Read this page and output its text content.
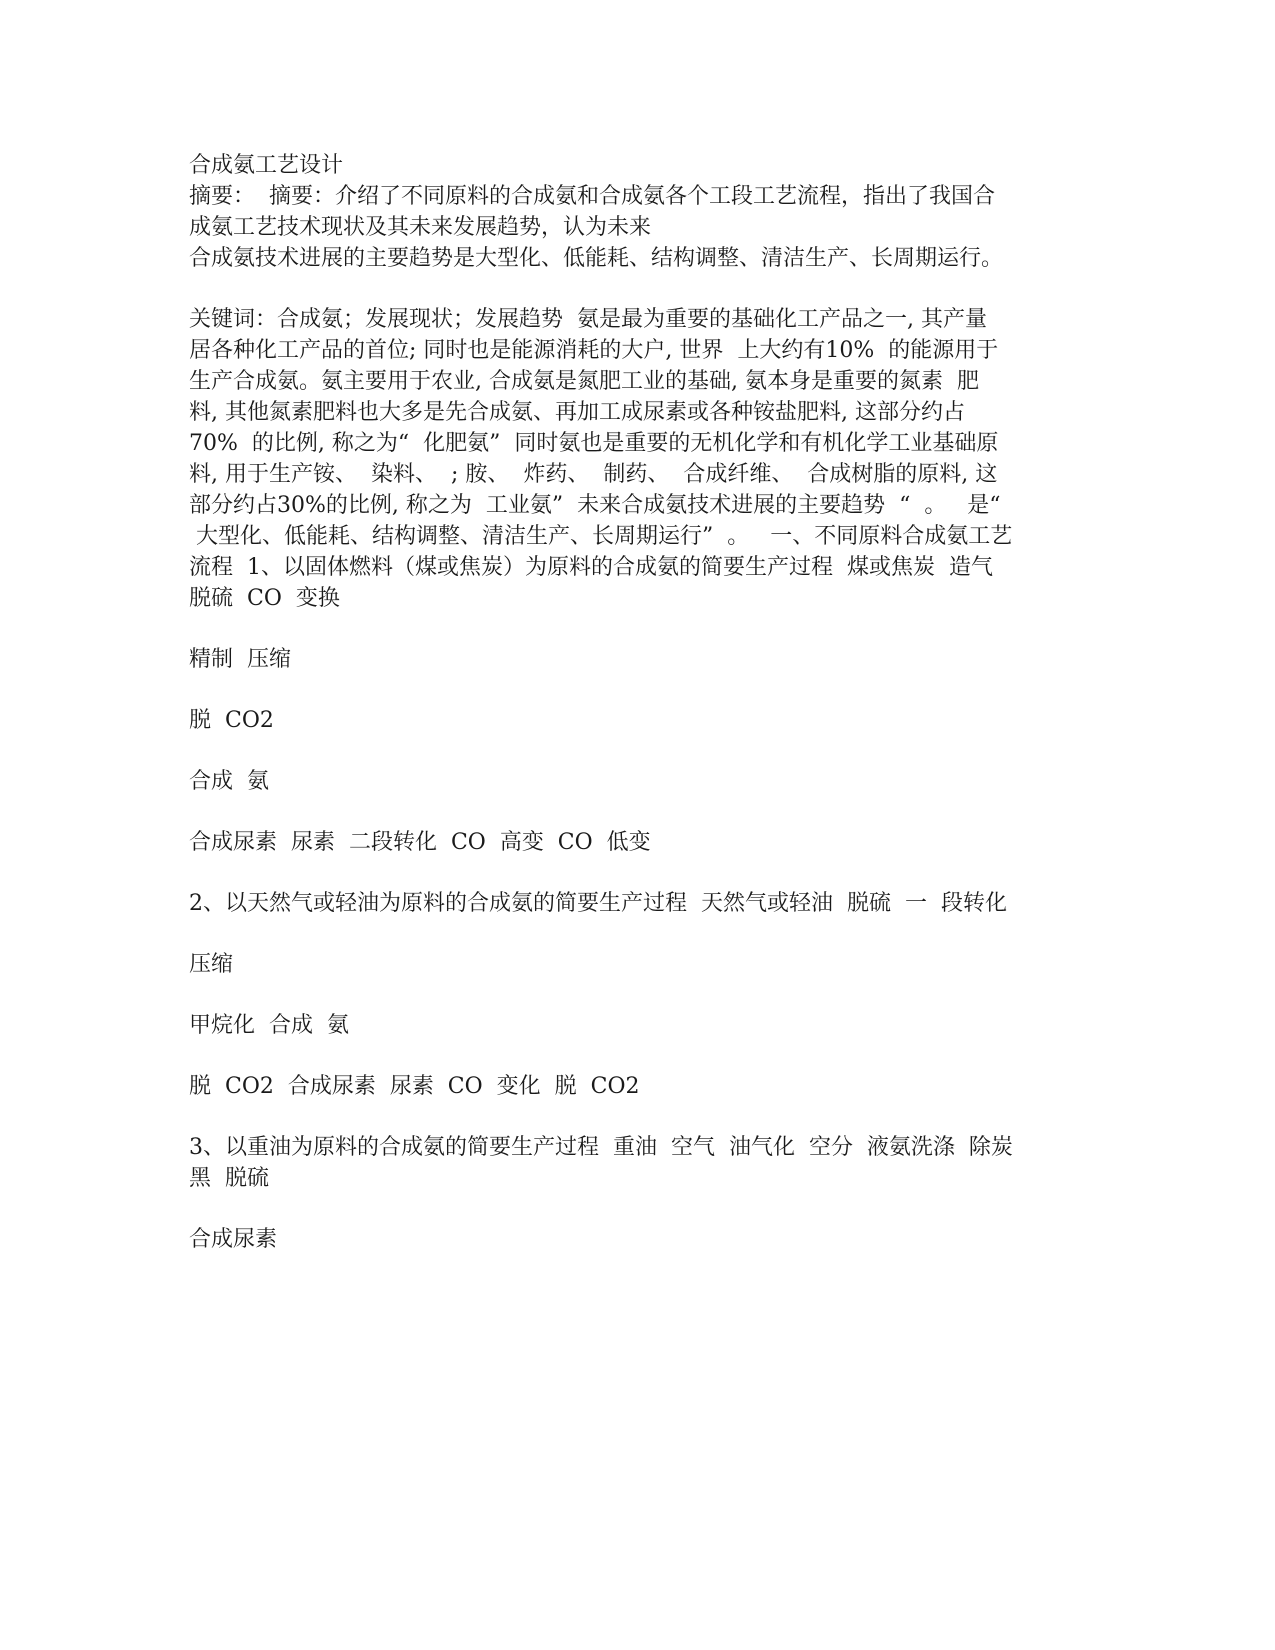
合成氨工艺设计

摘要：  摘要：介绍了不同原料的合成氨和合成氨各个工段工艺流程，指出了我国合

成氨工艺技术现状及其未来发展趋势，认为未来

合成氨技术进展的主要趋势是大型化、低能耗、结构调整、清洁生产、长周期运行。

关键词：合成氨；发展现状；发展趋势  氨是最为重要的基础化工产品之一, 其产量

居各种化工产品的首位; 同时也是能源消耗的大户, 世界  上大约有10%  的能源用于

生产合成氨。氨主要用于农业, 合成氨是氮肥工业的基础, 氨本身是重要的氮素  肥

料, 其他氮素肥料也大多是先合成氨、再加工成尿素或各种铵盐肥料, 这部分约占

70%  的比例, 称之为“  化肥氨”  同时氨也是重要的无机化学和有机化学工业基础原

料, 用于生产铵、  染料、  ; 胺、  炸药、  制药、  合成纤维、  合成树脂的原料, 这

部分约占30%的比例, 称之为  工业氨”  未来合成氨技术进展的主要趋势  “  。   是“

大型化、低能耗、结构调整、清洁生产、长周期运行”  。   一、不同原料合成氨工艺

流程  1、以固体燃料（煤或焦炭）为原料的合成氨的简要生产过程  煤或焦炭  造气

脱硫  CO  变换

精制  压缩

脱  CO2

合成  氨

合成尿素  尿素  二段转化  CO  高变  CO  低变

2、以天然气或轻油为原料的合成氨的简要生产过程  天然气或轻油  脱硫  一  段转化

压缩

甲烷化  合成  氨

脱  CO2  合成尿素  尿素  CO  变化  脱  CO2

3、以重油为原料的合成氨的简要生产过程  重油  空气  油气化  空分  液氨洗涤  除炭

黑  脱硫

合成尿素
